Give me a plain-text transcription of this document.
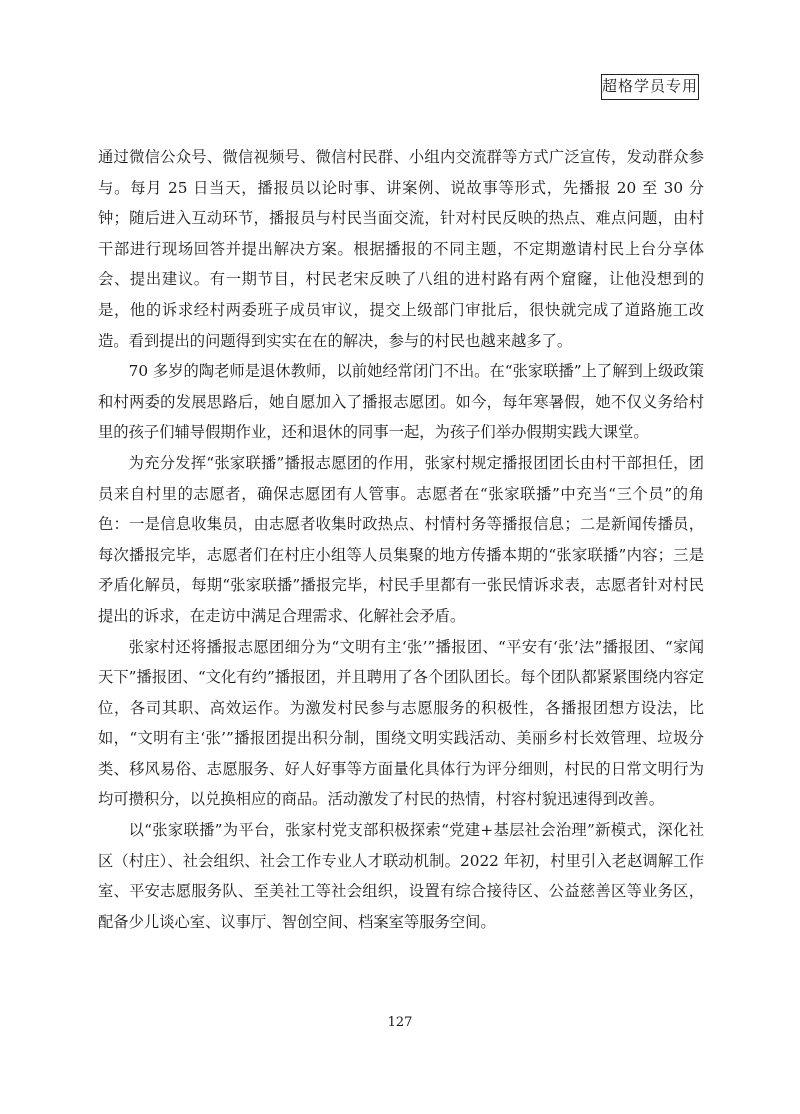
超格学员专用

通过微信公众号、微信视频号、微信村民群、小组内交流群等方式广泛宣传，发动群众参与。每月 25 日当天，播报员以论时事、讲案例、说故事等形式，先播报 20 至 30 分钟；随后进入互动环节，播报员与村民当面交流，针对村民反映的热点、难点问题，由村干部进行现场回答并提出解决方案。根据播报的不同主题，不定期邀请村民上台分享体会、提出建议。有一期节目，村民老宋反映了八组的进村路有两个窟窿，让他没想到的是，他的诉求经村两委班子成员审议，提交上级部门审批后，很快就完成了道路施工改造。看到提出的问题得到实实在在的解决，参与的村民也越来越多了。

70 多岁的陶老师是退休教师，以前她经常闭门不出。在“张家联播”上了解到上级政策和村两委的发展思路后，她自愿加入了播报志愿团。如今，每年寒暑假，她不仅义务给村里的孩子们辅导假期作业，还和退休的同事一起，为孩子们举办假期实践大课堂。

为充分发挥“张家联播”播报志愿团的作用，张家村规定播报团团长由村干部担任，团员来自村里的志愿者，确保志愿团有人管事。志愿者在“张家联播”中充当“三个员”的角色：一是信息收集员，由志愿者收集时政热点、村情村务等播报信息；二是新闻传播员，每次播报完毕，志愿者们在村庄小组等人员集聚的地方传播本期的“张家联播”内容；三是矛盾化解员，每期“张家联播”播报完毕，村民手里都有一张民情诉求表，志愿者针对村民提出的诉求，在走访中满足合理需求、化解社会矛盾。

张家村还将播报志愿团细分为“文明有主‘张’”播报团、“平安有‘张’法”播报团、“家闻天下”播报团、“文化有约”播报团，并且聘用了各个团队团长。每个团队都紧紧围绕内容定位，各司其职、高效运作。为激发村民参与志愿服务的积极性，各播报团想方设法，比如，“文明有主‘张’”播报团提出积分制，围绕文明实践活动、美丽乡村长效管理、垃圾分类、移风易俗、志愿服务、好人好事等方面量化具体行为评分细则，村民的日常文明行为均可攒积分，以兑换相应的商品。活动激发了村民的热情，村容村貌迅速得到改善。

以“张家联播”为平台，张家村党支部积极探索“党建+基层社会治理”新模式，深化社区（村庄）、社会组织、社会工作专业人才联动机制。2022 年初，村里引入老赵调解工作室、平安志愿服务队、至美社工等社会组织，设置有综合接待区、公益慈善区等业务区，配备少儿谈心室、议事厅、智创空间、档案室等服务空间。

127
